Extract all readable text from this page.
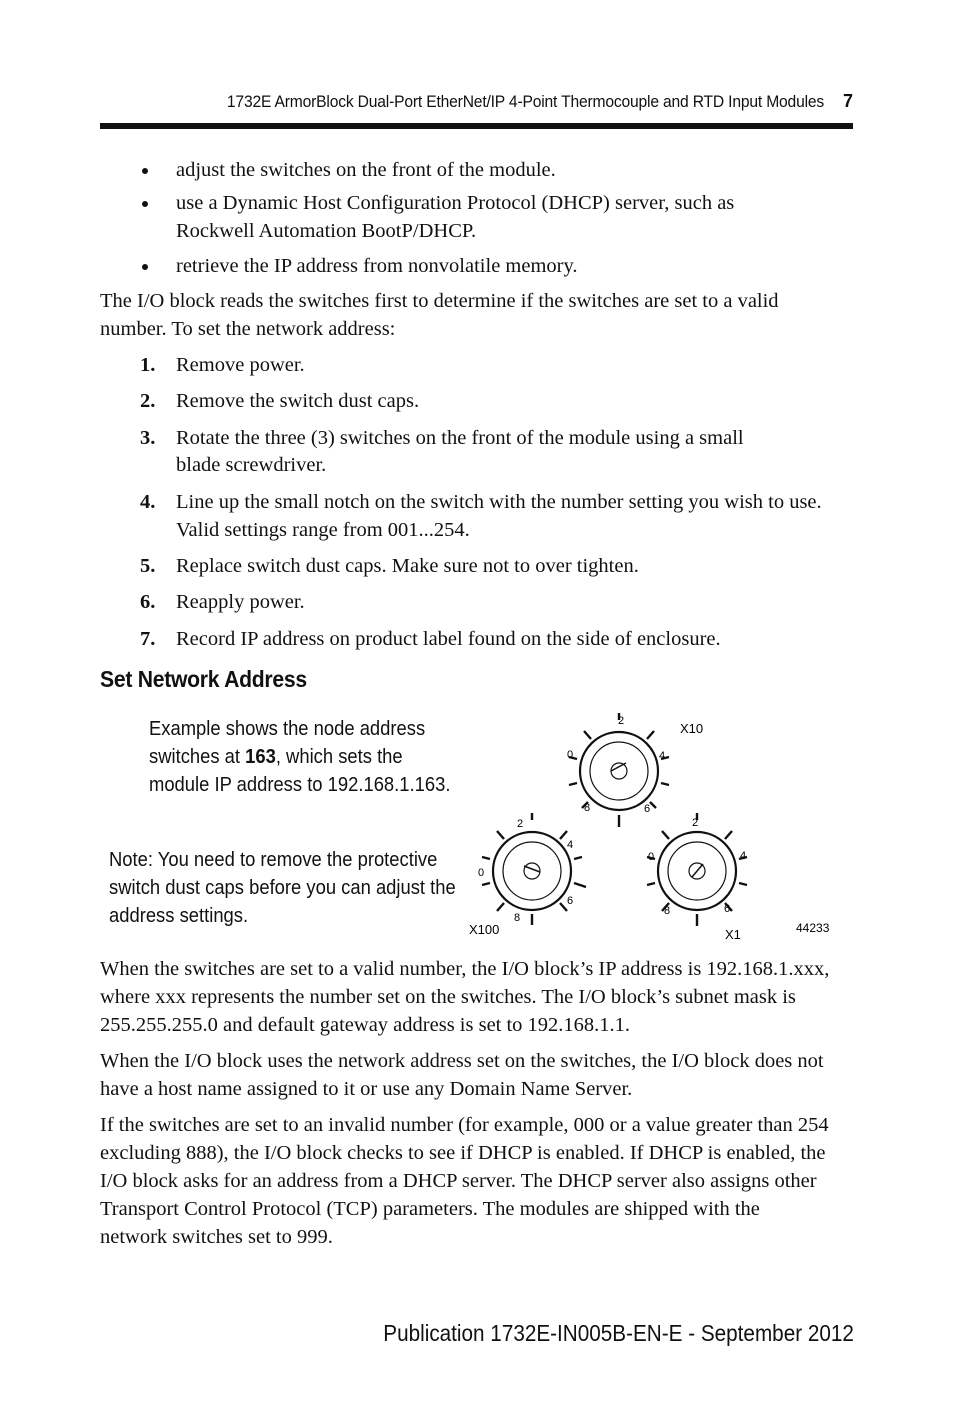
1732E ArmorBlock Dual-Port EtherNet/IP 4-Point Thermocouple and RTD Input Modules 7
adjust the switches on the front of the module.
use a Dynamic Host Configuration Protocol (DHCP) server, such as
Rockwell Automation BootP/DHCP.
retrieve the IP address from nonvolatile memory.
The I/O block reads the switches first to determine if the switches are set to a valid
number. To set the network address:
1. Remove power.
2. Remove the switch dust caps.
3. Rotate the three (3) switches on the front of the module using a small
blade screwdriver.
4. Line up the small notch on the switch with the number setting you wish to use.
Valid settings range from 001...254.
5. Replace switch dust caps. Make sure not to over tighten.
6. Reapply power.
7. Record IP address on product label found on the side of enclosure.
Set Network Address
Example shows the node address
switches at 163, which sets the
module IP address to 192.168.1.163.
Note: You need to remove the protective
switch dust caps before you can adjust the
address settings.
2
4
6
8
0
X10
2
4
6
8
0
X100
2
4
6
8
0
X1	44233
When the switches are set to a valid number, the I/O block’s IP address is 192.168.1.xxx,
where xxx represents the number set on the switches. The I/O block’s subnet mask is
255.255.255.0 and default gateway address is set to 192.168.1.1.
When the I/O block uses the network address set on the switches, the I/O block does not
have a host name assigned to it or use any Domain Name Server.
If the switches are set to an invalid number (for example, 000 or a value greater than 254
excluding 888), the I/O block checks to see if DHCP is enabled. If DHCP is enabled, the
I/O block asks for an address from a DHCP server. The DHCP server also assigns other
Transport Control Protocol (TCP) parameters. The modules are shipped with the
network switches set to 999.
Publication 1732E-IN005B-EN-E - September 2012
